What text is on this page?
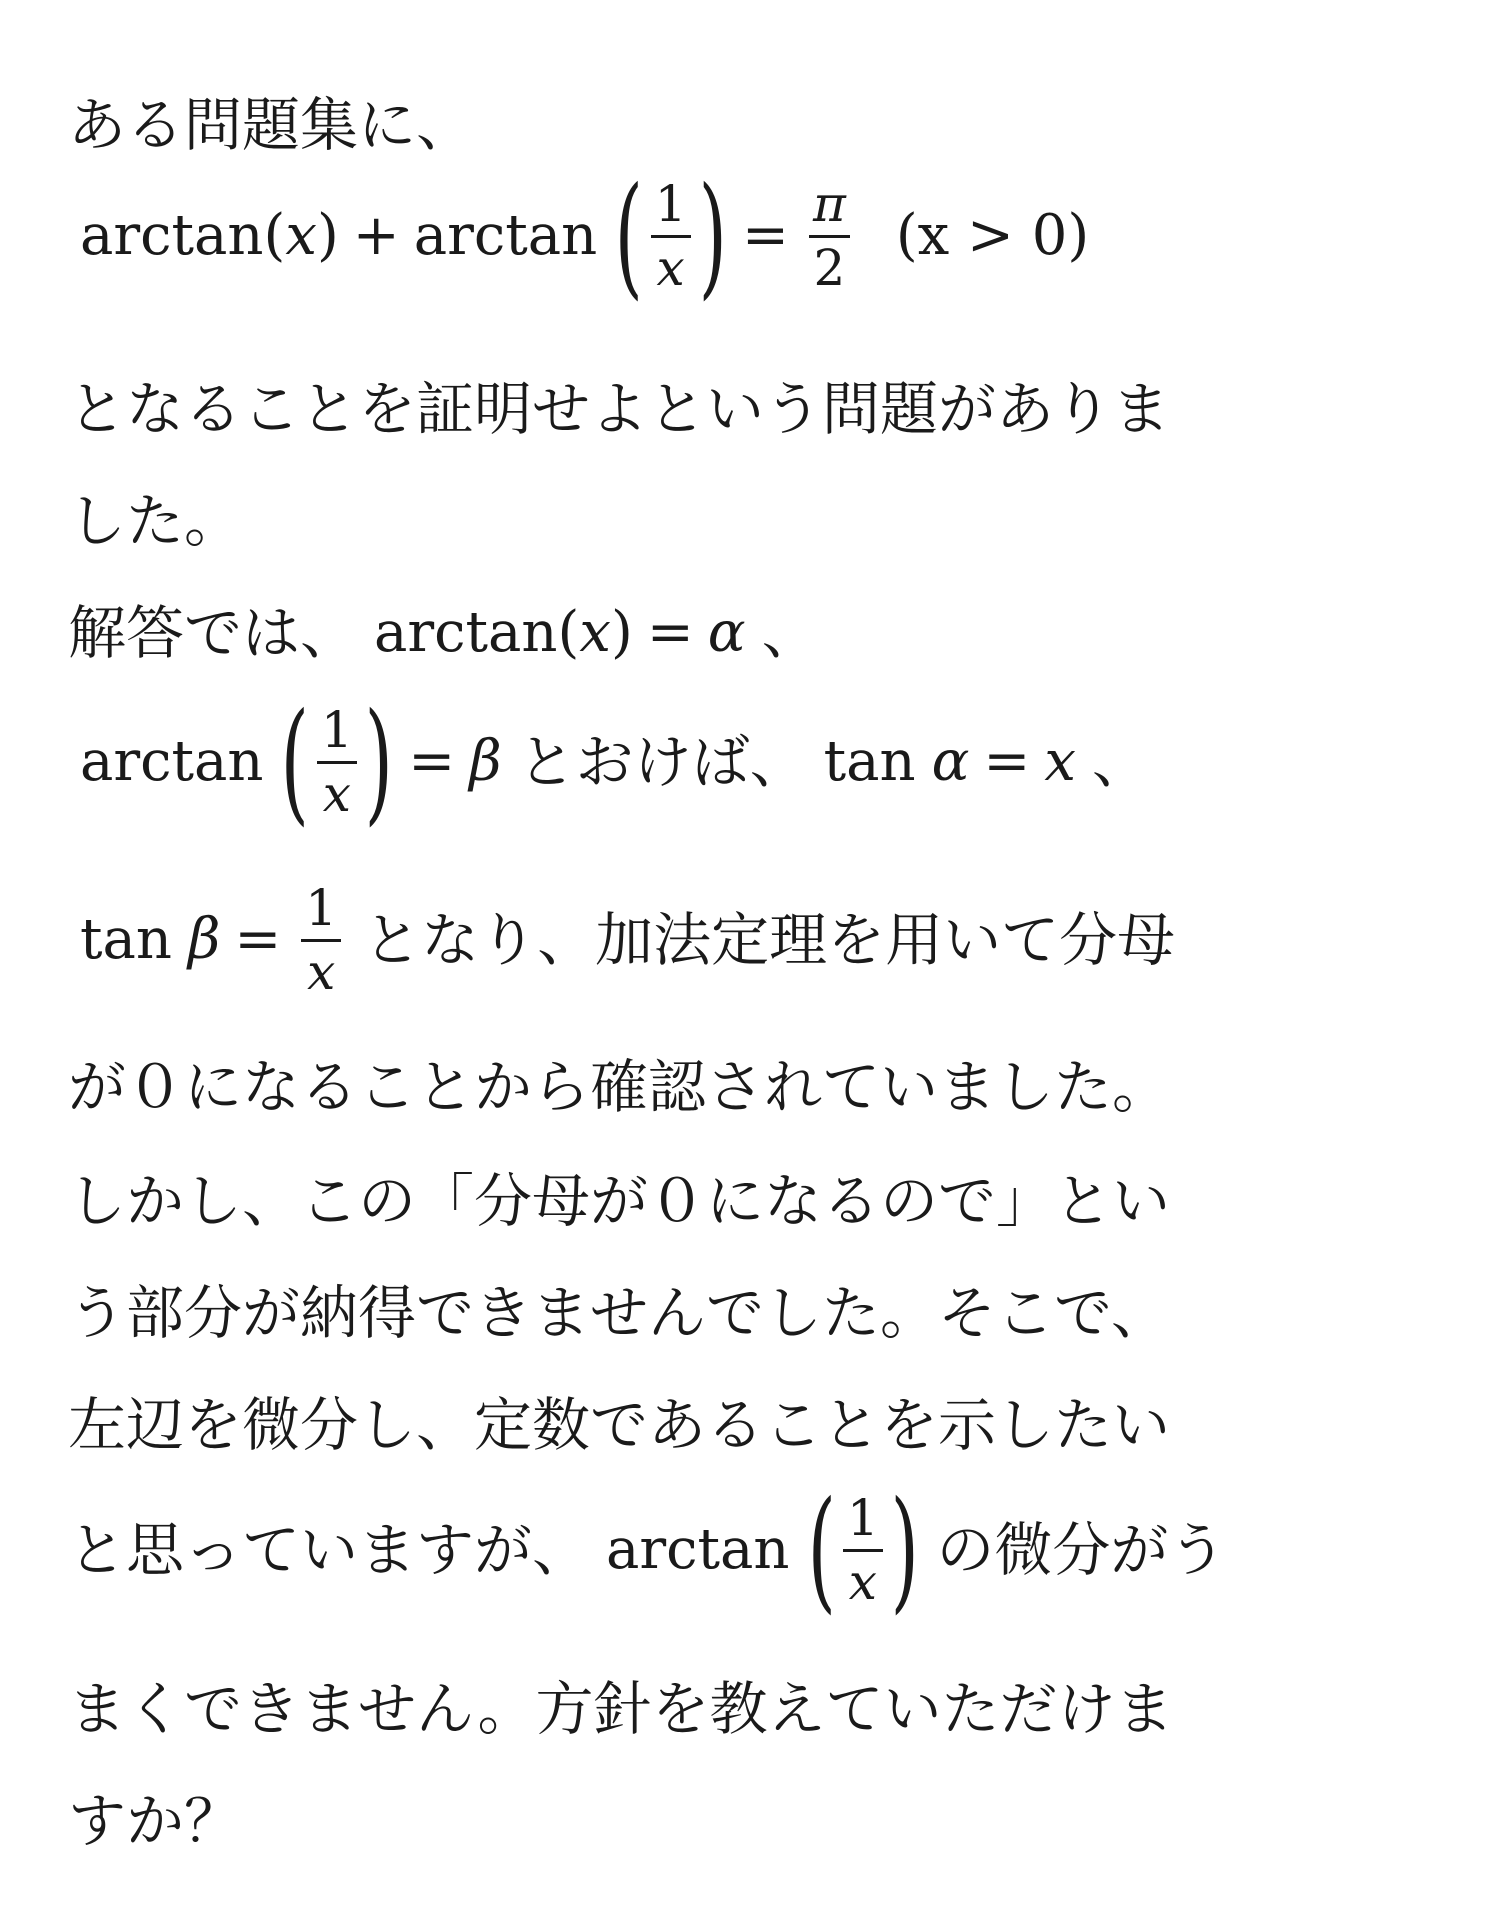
ある問題集に、
arctan ( x ) + arctan ( $\frac{1}{x}$ ) = $\frac{\pi}{2} (x > 0)$
となることを証明せよという問題がありま
した。
解答では、 arctan ( x ) = α 、
arctan ( $\frac{1}{x}$ ) = β とおけば、 tan α = x 、
$\tan \beta = \frac{1}{x}$ となり、加法定理を用いて分母
が０になることから確認されていました。
しかし、この「分母が０になるので」とい
う部分が納得できませんでした。そこで、
左辺を微分し、定数であることを示したい
と思っていますが、 arctan ( $\frac{1}{x}$ ) の微分がう
まくできません。方針を教えていただけま
すか？
